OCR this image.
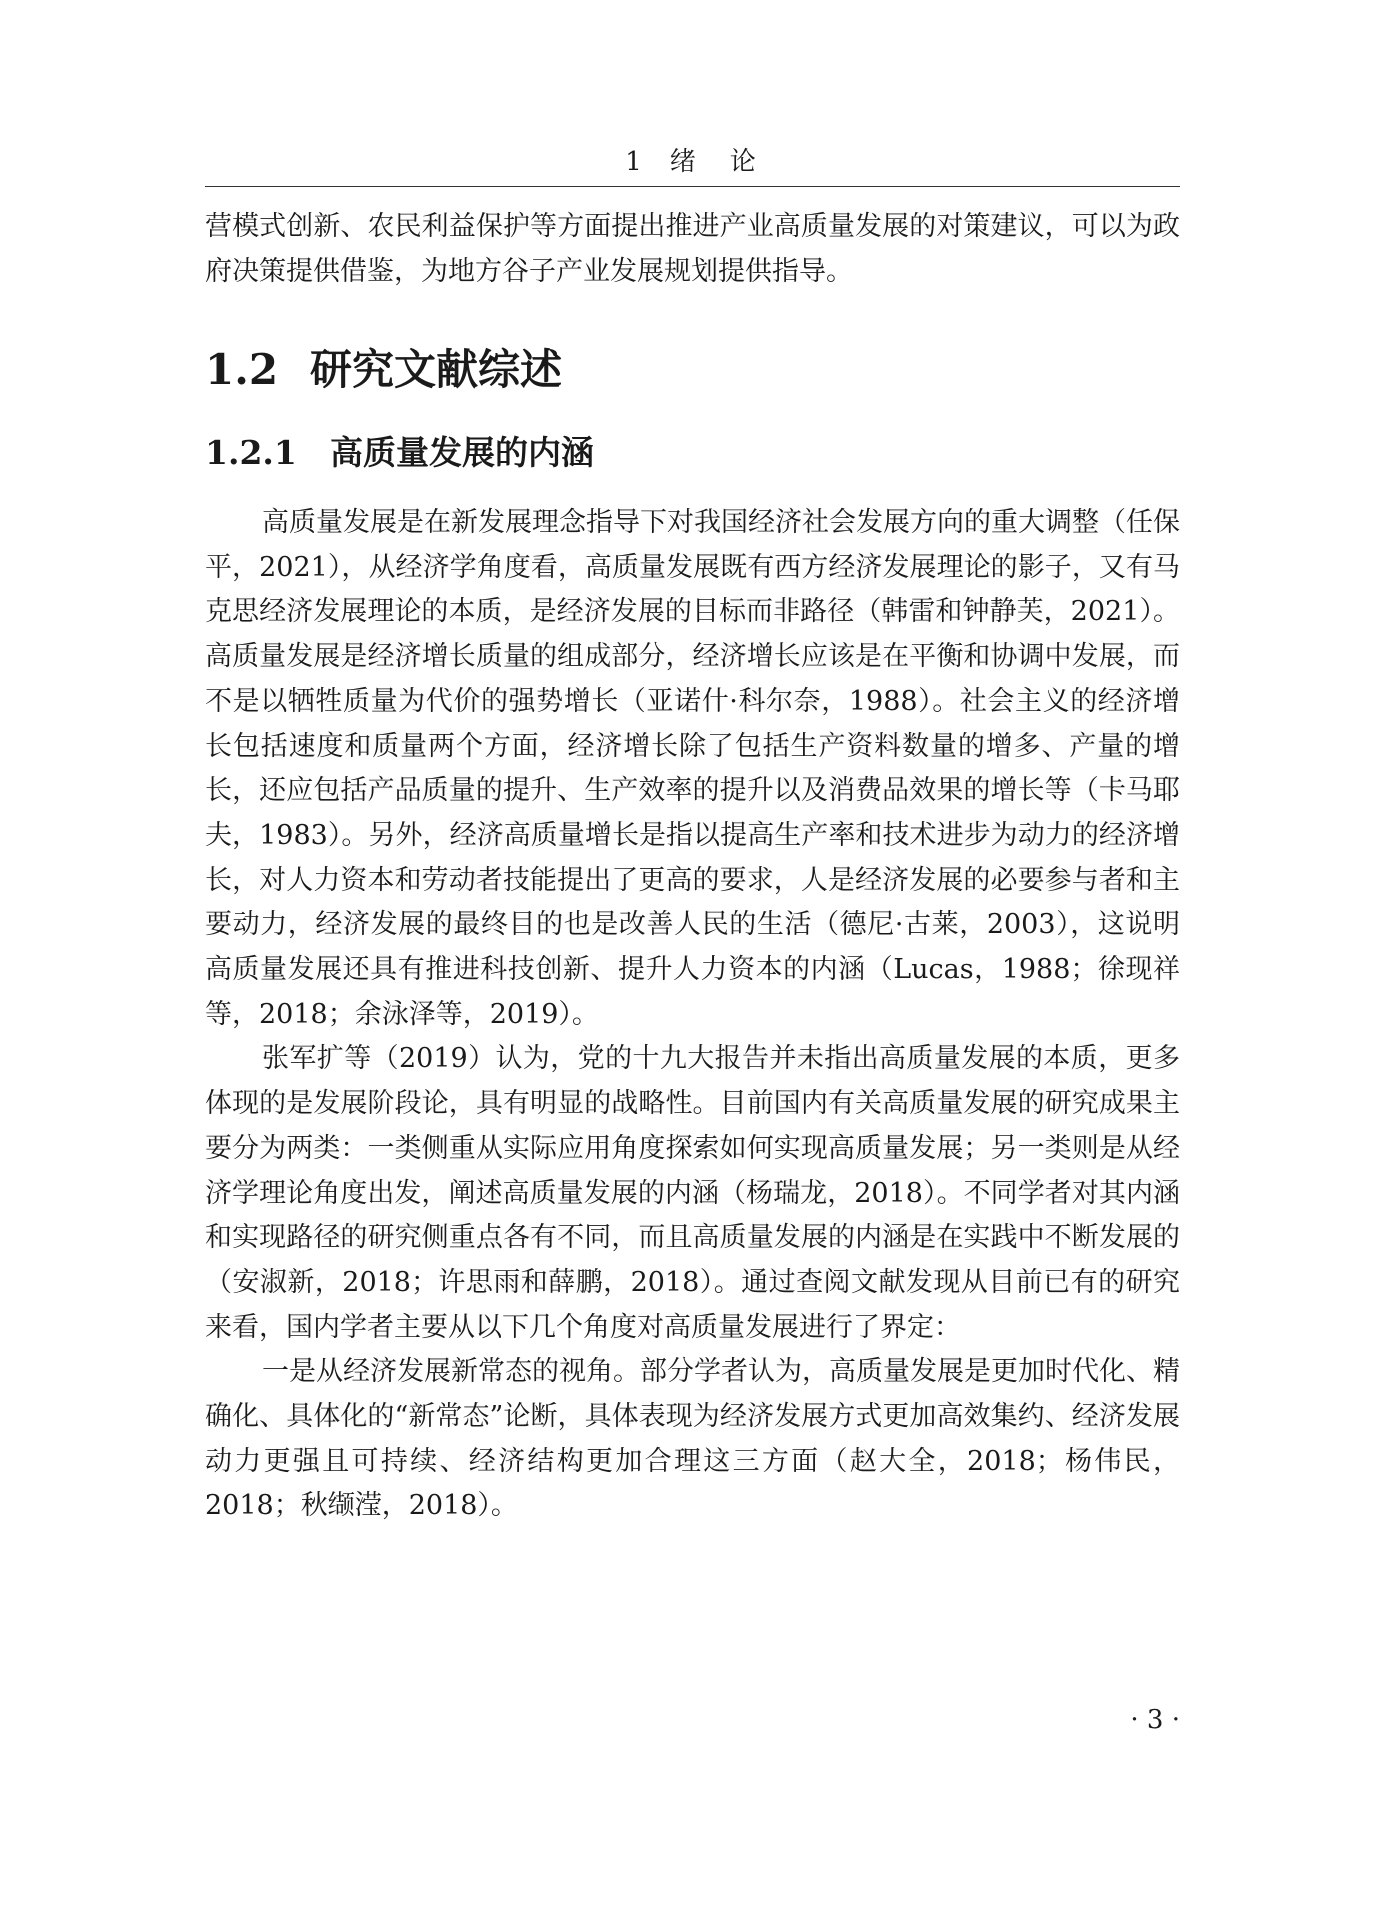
1 绪　论

营模式创新、农民利益保护等方面提出推进产业高质量发展的对策建议，可以为政府决策提供借鉴，为地方谷子产业发展规划提供指导。

1.2 研究文献综述
1.2.1 高质量发展的内涵

高质量发展是在新发展理念指导下对我国经济社会发展方向的重大调整（任保平，2021），从经济学角度看，高质量发展既有西方经济发展理论的影子，又有马克思经济发展理论的本质，是经济发展的目标而非路径（韩雷和钟静芙，2021）。高质量发展是经济增长质量的组成部分，经济增长应该是在平衡和协调中发展，而不是以牺牲质量为代价的强势增长（亚诺什·科尔奈，1988）。社会主义的经济增长包括速度和质量两个方面，经济增长除了包括生产资料数量的增多、产量的增长，还应包括产品质量的提升、生产效率的提升以及消费品效果的增长等（卡马耶夫，1983）。另外，经济高质量增长是指以提高生产率和技术进步为动力的经济增长，对人力资本和劳动者技能提出了更高的要求，人是经济发展的必要参与者和主要动力，经济发展的最终目的也是改善人民的生活（德尼·古莱，2003），这说明高质量发展还具有推进科技创新、提升人力资本的内涵（Lucas，1988；徐现祥等，2018；余泳泽等，2019）。

张军扩等（2019）认为，党的十九大报告并未指出高质量发展的本质，更多体现的是发展阶段论，具有明显的战略性。目前国内有关高质量发展的研究成果主要分为两类：一类侧重从实际应用角度探索如何实现高质量发展；另一类则是从经济学理论角度出发，阐述高质量发展的内涵（杨瑞龙，2018）。不同学者对其内涵和实现路径的研究侧重点各有不同，而且高质量发展的内涵是在实践中不断发展的（安淑新，2018；许思雨和薛鹏，2018）。通过查阅文献发现从目前已有的研究来看，国内学者主要从以下几个角度对高质量发展进行了界定：

一是从经济发展新常态的视角。部分学者认为，高质量发展是更加时代化、精确化、具体化的“新常态”论断，具体表现为经济发展方式更加高效集约、经济发展动力更强且可持续、经济结构更加合理这三方面（赵大全，2018；杨伟民，2018；秋缬滢，2018）。

· 3 ·
